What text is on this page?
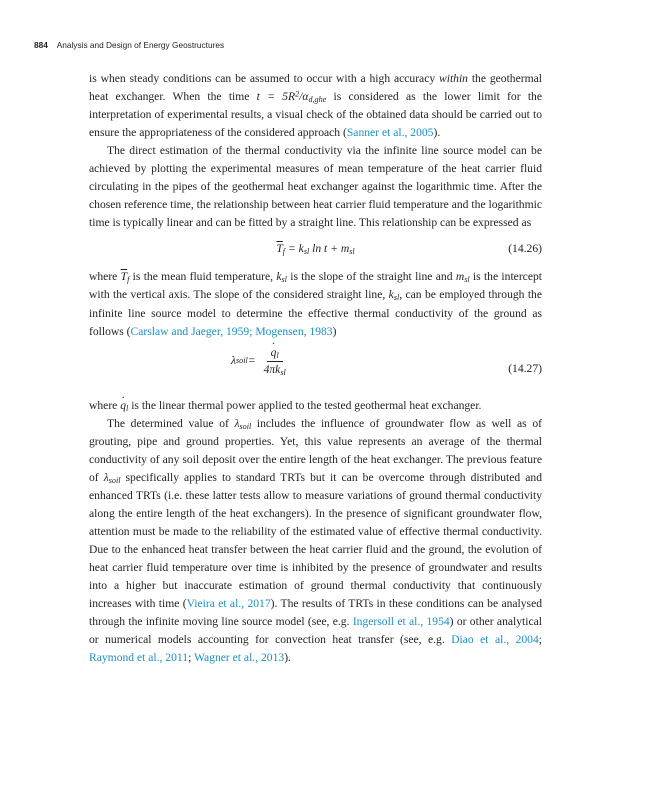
884 Analysis and Design of Energy Geostructures

is when steady conditions can be assumed to occur with a high accuracy within the geothermal heat exchanger. When the time $t = 5R^2/\alpha_{d,ghe}$ is considered as the lower limit for the interpretation of experimental results, a visual check of the obtained data should be carried out to ensure the appropriateness of the considered approach (Sanner et al., 2005).

The direct estimation of the thermal conductivity via the infinite line source model can be achieved by plotting the experimental measures of mean temperature of the heat carrier fluid circulating in the pipes of the geothermal heat exchanger against the logarithmic time. After the chosen reference time, the relationship between heat carrier fluid temperature and the logarithmic time is typically linear and can be fitted by a straight line. This relationship can be expressed as

$\overline{T}_f = k_{sl}$ $\ln t + m_{sl}$	(14.26)

where $\overline{T}_f$ is the mean fluid temperature, $k_{sl}$ is the slope of the straight line and $m_{sl}$ is the intercept with the vertical axis. The slope of the considered straight line, $k_{sl}$, can be employed through the infinite line source model to determine the effective thermal conductivity of the ground as follows (Carslaw and Jaeger, 1959; Mogensen, 1983)

λ soil = · $\frac{q_l}{4\pi k_{sl}}$	(14.27)

where · $q_l$ is the linear thermal power applied to the tested geothermal heat exchanger.

The determined value of $\lambda_{soil}$ includes the influence of groundwater flow as well as of grouting, pipe and ground properties. Yet, this value represents an average of the thermal conductivity of any soil deposit over the entire length of the heat exchanger. The previous feature of $\lambda_{soil}$ specifically applies to standard TRTs but it can be overcome through distributed and enhanced TRTs (i.e. these latter tests allow to measure variations of ground thermal conductivity along the entire length of the heat exchangers). In the presence of significant groundwater flow, attention must be made to the reliability of the estimated value of effective thermal conductivity. Due to the enhanced heat transfer between the heat carrier fluid and the ground, the evolution of heat carrier fluid temperature over time is inhibited by the presence of groundwater and results into a higher but inaccurate estimation of ground thermal conductivity that continuously increases with time (Vieira et al., 2017). The results of TRTs in these conditions can be analysed through the infinite moving line source model (see, e.g. Ingersoll et al., 1954) or other analytical or numerical models accounting for convection heat transfer (see, e.g. Diao et al., 2004; Raymond et al., 2011; Wagner et al., 2013).
